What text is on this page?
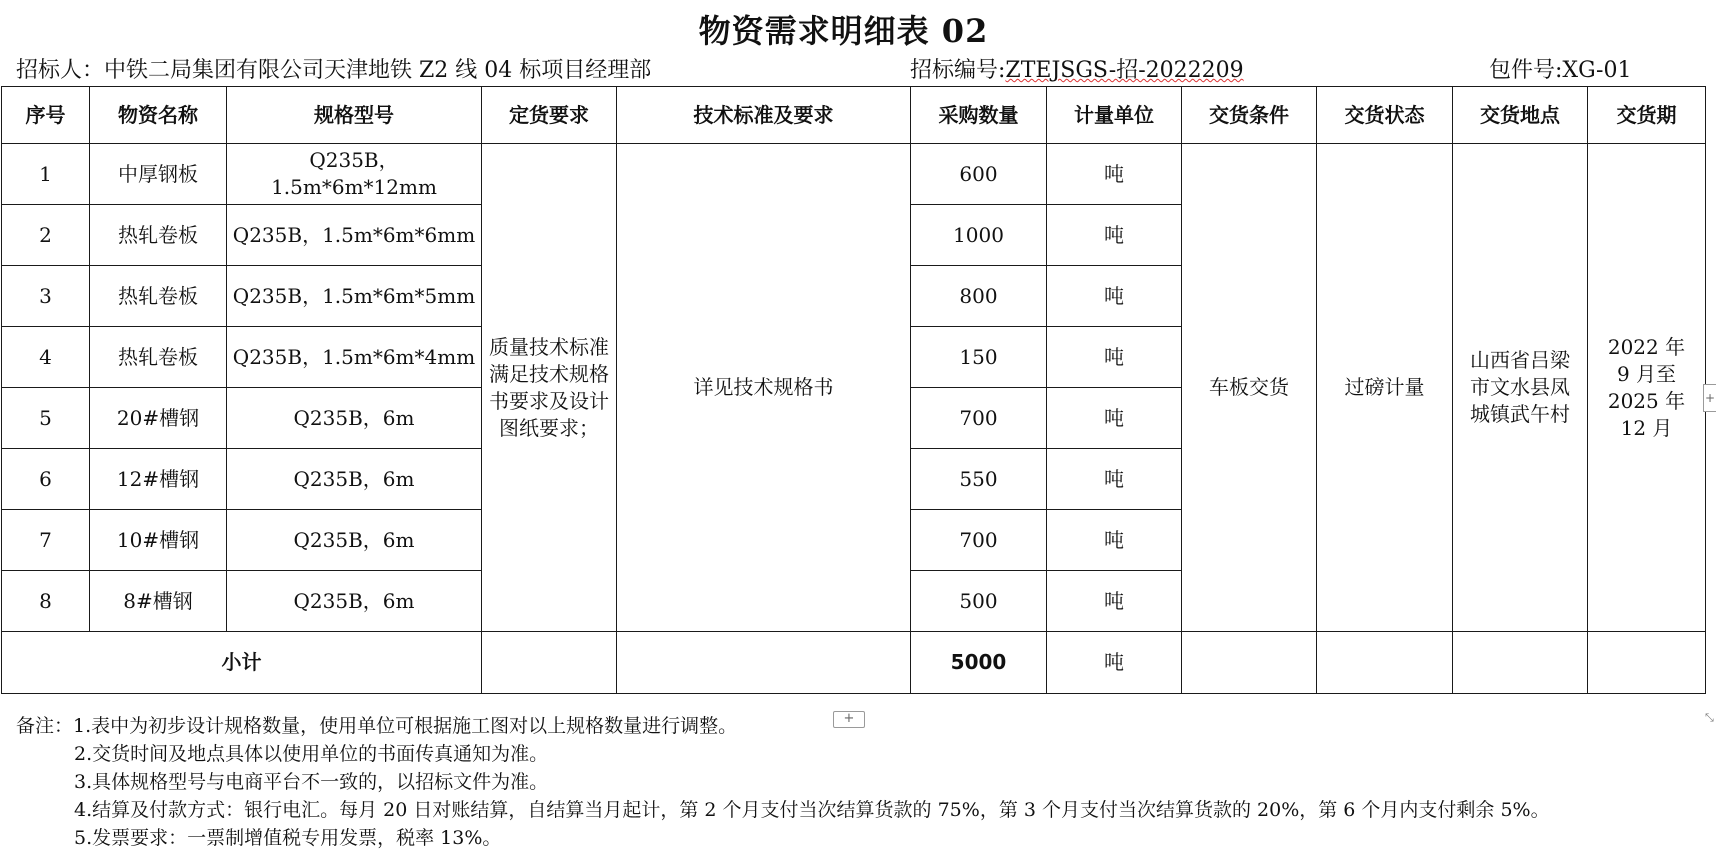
物资需求明细表 02
招标人：中铁二局集团有限公司天津地铁 Z2 线 04 标项目经理部	招标编号:ZTEJSGS-招-2022209	包件号:XG-01
序号	物资名称	规格型号	定货要求	技术标准及要求	采购数量	计量单位	交货条件	交货状态	交货地点	交货期
1	中厚钢板	Q235B，1.5m*6m*12mm	质量技术标准满足技术规格书要求及设计图纸要求；	详见技术规格书	600	吨	车板交货	过磅计量	山西省吕梁市文水县凤城镇武午村	2022 年 9 月至 2025 年 12 月
2	热轧卷板	Q235B，1.5m*6m*6mm			1000	吨				
3	热轧卷板	Q235B，1.5m*6m*5mm			800	吨				
4	热轧卷板	Q235B，1.5m*6m*4mm			150	吨				
5	20#槽钢	Q235B，6m			700	吨				
6	12#槽钢	Q235B，6m			550	吨				
7	10#槽钢	Q235B，6m			700	吨				
8	8#槽钢	Q235B，6m			500	吨				
小计					5000	吨				
+
+
⤡
备注：1.表中为初步设计规格数量，使用单位可根据施工图对以上规格数量进行调整。
2.交货时间及地点具体以使用单位的书面传真通知为准。
3.具体规格型号与电商平台不一致的，以招标文件为准。
4.结算及付款方式：银行电汇。每月 20 日对账结算，自结算当月起计，第 2 个月支付当次结算货款的 75%，第 3 个月支付当次结算货款的 20%，第 6 个月内支付剩余 5%。
5.发票要求：一票制增值税专用发票，税率 13%。
